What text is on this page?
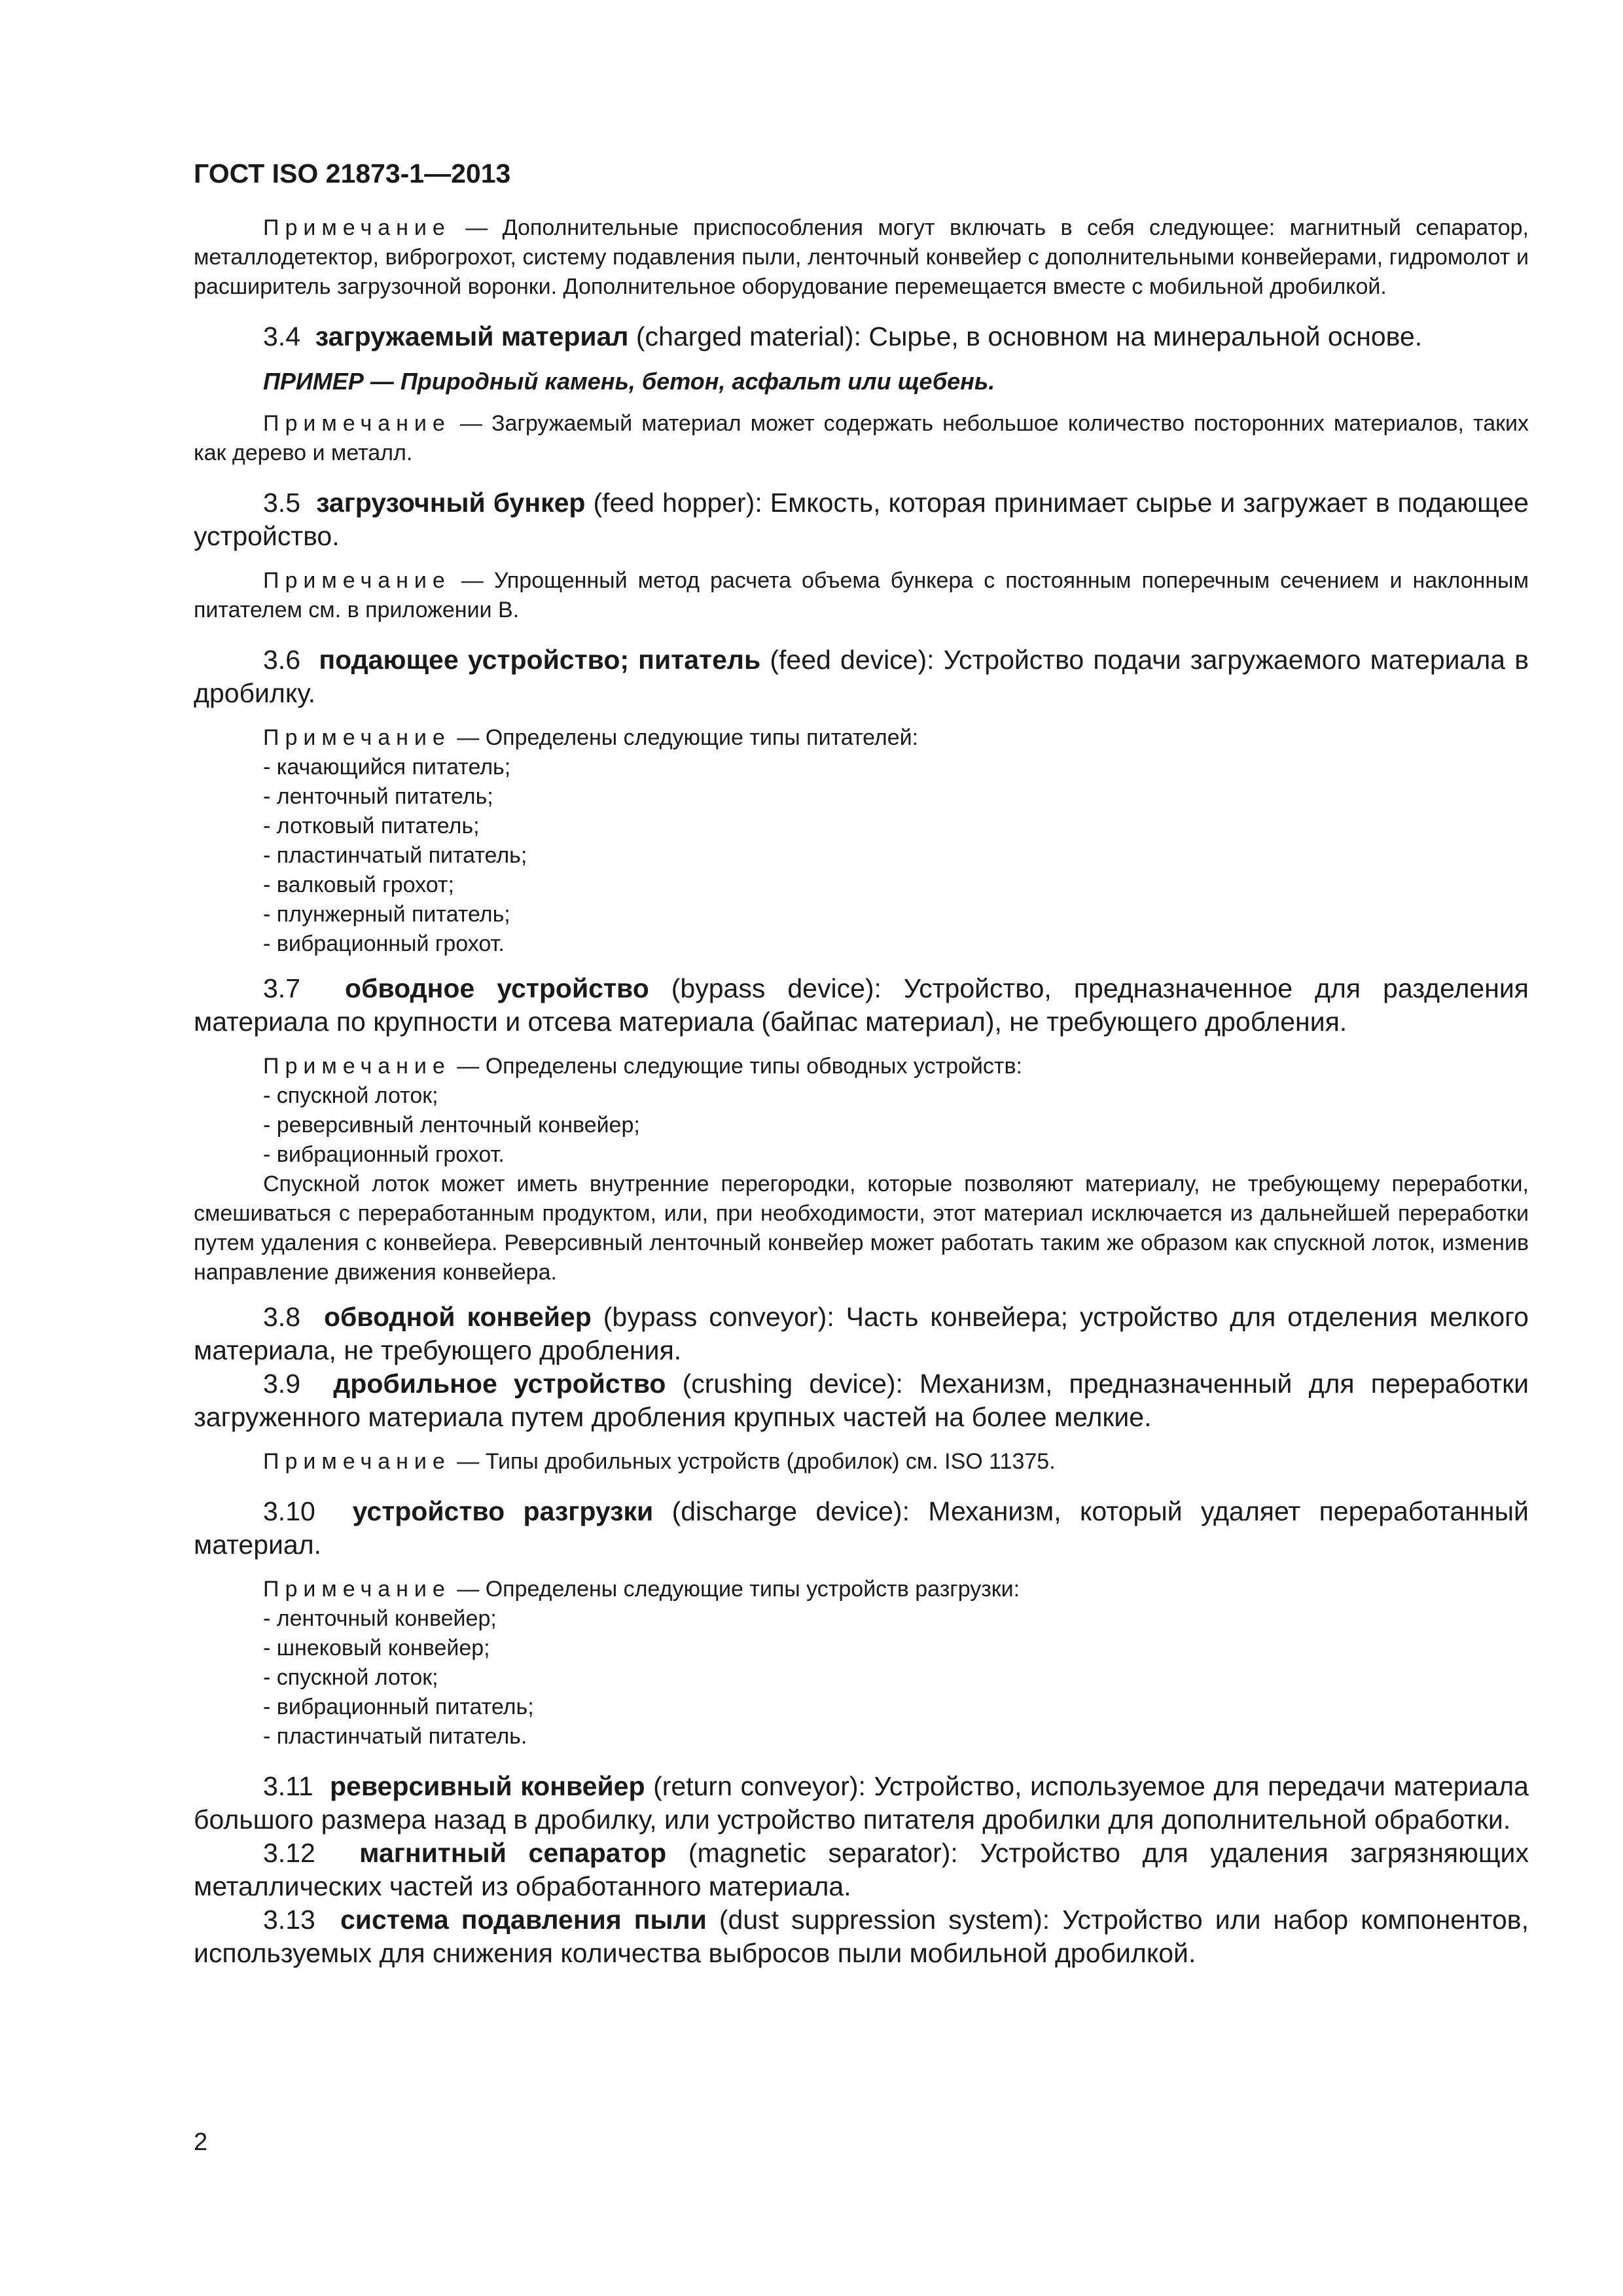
ГОСТ ISO 21873-1—2013

Примечание — Дополнительные приспособления могут включать в себя следующее: магнитный сепаратор, металлодетектор, виброгрохот, систему подавления пыли, ленточный конвейер с дополнительными конвейерами, гидромолот и расширитель загрузочной воронки. Дополнительное оборудование перемещается вместе с мобильной дробилкой.

3.4 загружаемый материал (charged material): Сырье, в основном на минеральной основе.

ПРИМЕР — Природный камень, бетон, асфальт или щебень.

Примечание — Загружаемый материал может содержать небольшое количество посторонних материалов, таких как дерево и металл.

3.5 загрузочный бункер (feed hopper): Емкость, которая принимает сырье и загружает в подающее устройство.

Примечание — Упрощенный метод расчета объема бункера с постоянным поперечным сечением и наклонным питателем см. в приложении В.

3.6 подающее устройство; питатель (feed device): Устройство подачи загружаемого материала в дробилку.

Примечание — Определены следующие типы питателей:

- качающийся питатель;
- ленточный питатель;
- лотковый питатель;
- пластинчатый питатель;
- валковый грохот;
- плунжерный питатель;
- вибрационный грохот.

3.7 обводное устройство (bypass device): Устройство, предназначенное для разделения материала по крупности и отсева материала (байпас материал), не требующего дробления.

Примечание — Определены следующие типы обводных устройств:

- спускной лоток;
- реверсивный ленточный конвейер;
- вибрационный грохот.

Спускной лоток может иметь внутренние перегородки, которые позволяют материалу, не требующему переработки, смешиваться с переработанным продуктом, или, при необходимости, этот материал исключается из дальнейшей переработки путем удаления с конвейера. Реверсивный ленточный конвейер может работать таким же образом как спускной лоток, изменив направление движения конвейера.

3.8 обводной конвейер (bypass conveyor): Часть конвейера; устройство для отделения мелкого материала, не требующего дробления.

3.9 дробильное устройство (crushing device): Механизм, предназначенный для переработки загруженного материала путем дробления крупных частей на более мелкие.

Примечание — Типы дробильных устройств (дробилок) см. ISO 11375.

3.10 устройство разгрузки (discharge device): Механизм, который удаляет переработанный материал.

Примечание — Определены следующие типы устройств разгрузки:

- ленточный конвейер;
- шнековый конвейер;
- спускной лоток;
- вибрационный питатель;
- пластинчатый питатель.

3.11 реверсивный конвейер (return conveyor): Устройство, используемое для передачи материала большого размера назад в дробилку, или устройство питателя дробилки для дополнительной обработки.

3.12 магнитный сепаратор (magnetic separator): Устройство для удаления загрязняющих металлических частей из обработанного материала.

3.13 система подавления пыли (dust suppression system): Устройство или набор компонентов, используемых для снижения количества выбросов пыли мобильной дробилкой.

2
